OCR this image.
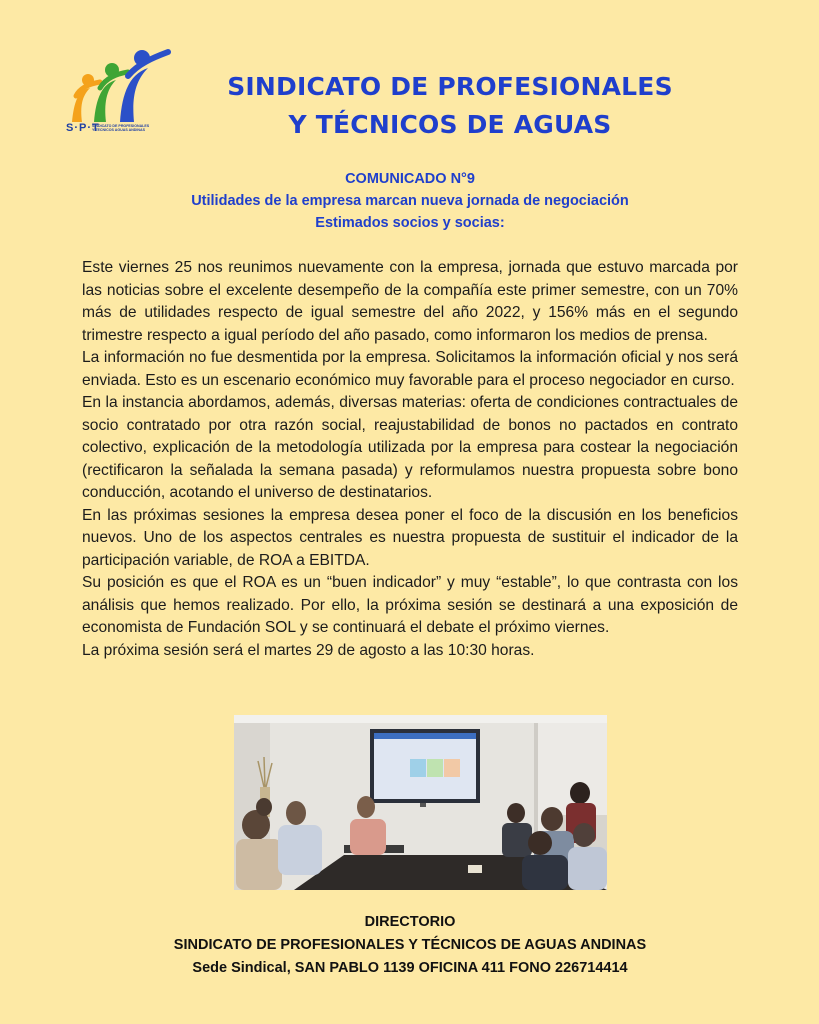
S·P·T
SINDICATO DE PROFESIONALES
Y TECNICOS AGUAS ANDINAS
SINDICATO DE PROFESIONALES
Y TÉCNICOS DE AGUAS
COMUNICADO N°9
Utilidades de la empresa marcan nueva jornada de negociación
Estimados socios y socias:

Este viernes 25 nos reunimos nuevamente con la empresa, jornada que estuvo marcada por las noticias sobre el excelente desempeño de la compañía este primer semestre, con un 70% más de utilidades respecto de igual semestre del año 2022, y 156% más en el segundo trimestre respecto a igual período del año pasado, como informaron los medios de prensa.

La información no fue desmentida por la empresa. Solicitamos la información oficial y nos será enviada. Esto es un escenario económico muy favorable para el proceso negociador en curso.

En la instancia abordamos, además, diversas materias: oferta de condiciones contractuales de socio contratado por otra razón social, reajustabilidad de bonos no pactados en contrato colectivo, explicación de la metodología utilizada por la empresa para costear la negociación (rectificaron la señalada la semana pasada) y reformulamos nuestra propuesta sobre bono conducción, acotando el universo de destinatarios.

En las próximas sesiones la empresa desea poner el foco de la discusión en los beneficios nuevos. Uno de los aspectos centrales es nuestra propuesta de sustituir el indicador de la participación variable, de ROA a EBITDA.

Su posición es que el ROA es un “buen indicador” y muy “estable”, lo que contrasta con los análisis que hemos realizado. Por ello, la próxima sesión se destinará a una exposición de economista de Fundación SOL y se continuará el debate el próximo viernes.

La próxima sesión será el martes 29 de agosto a las 10:30 horas.

DIRECTORIO
SINDICATO DE PROFESIONALES Y TÉCNICOS DE AGUAS ANDINAS
Sede Sindical, SAN PABLO 1139 OFICINA 411 FONO 226714414
